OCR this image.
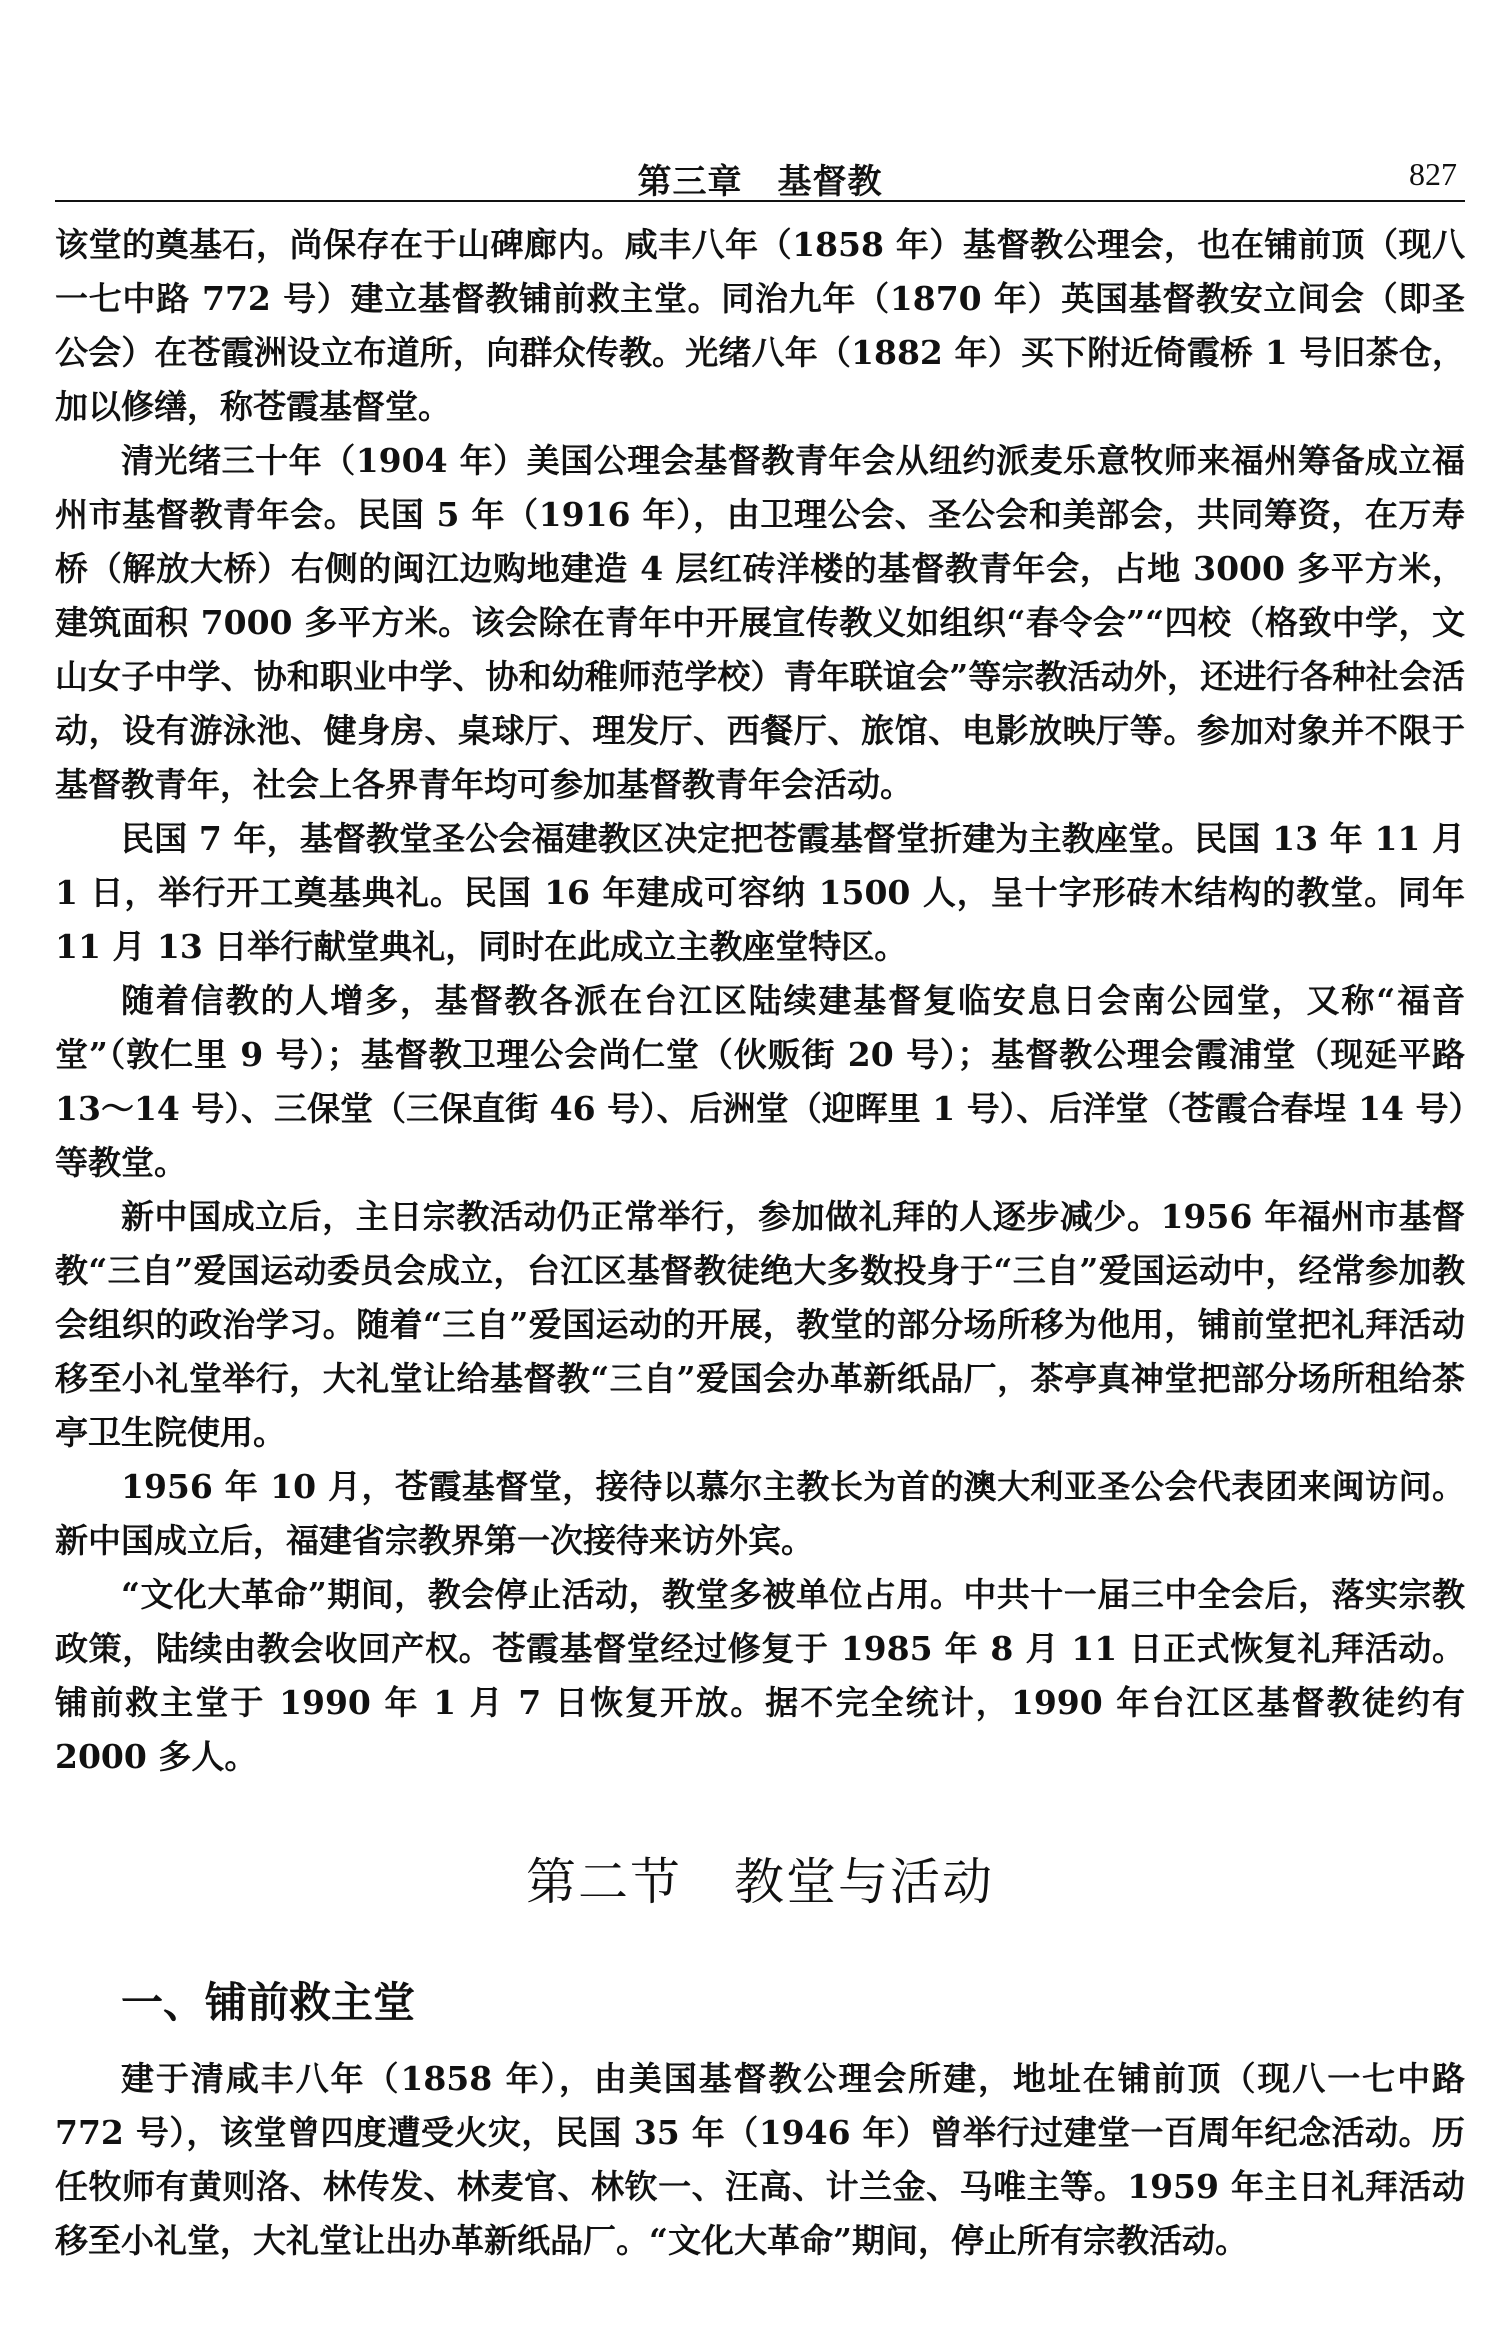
第三章　基督教	827

该堂的奠基石，尚保存在于山碑廊内。咸丰八年（1858 年）基督教公理会，也在铺前顶（现八一七中路 772 号）建立基督教铺前救主堂。同治九年（1870 年）英国基督教安立间会（即圣公会）在苍霞洲设立布道所，向群众传教。光绪八年（1882 年）买下附近倚霞桥 1 号旧茶仓，加以修缮，称苍霞基督堂。

清光绪三十年（1904 年）美国公理会基督教青年会从纽约派麦乐意牧师来福州筹备成立福州市基督教青年会。民国 5 年（1916 年），由卫理公会、圣公会和美部会，共同筹资，在万寿桥（解放大桥）右侧的闽江边购地建造 4 层红砖洋楼的基督教青年会，占地 3000 多平方米，建筑面积 7000 多平方米。该会除在青年中开展宣传教义如组织“春令会”“四校（格致中学，文山女子中学、协和职业中学、协和幼稚师范学校）青年联谊会”等宗教活动外，还进行各种社会活动，设有游泳池、健身房、桌球厅、理发厅、西餐厅、旅馆、电影放映厅等。参加对象并不限于基督教青年，社会上各界青年均可参加基督教青年会活动。

民国 7 年，基督教堂圣公会福建教区决定把苍霞基督堂折建为主教座堂。民国 13 年 11 月 1 日，举行开工奠基典礼。民国 16 年建成可容纳 1500 人，呈十字形砖木结构的教堂。同年 11 月 13 日举行献堂典礼，同时在此成立主教座堂特区。

随着信教的人增多，基督教各派在台江区陆续建基督复临安息日会南公园堂，又称“福音堂”（敦仁里 9 号）；基督教卫理公会尚仁堂（伙贩街 20 号）；基督教公理会霞浦堂（现延平路 13～14 号）、三保堂（三保直街 46 号）、后洲堂（迎晖里 1 号）、后洋堂（苍霞合春埕 14 号）等教堂。

新中国成立后，主日宗教活动仍正常举行，参加做礼拜的人逐步减少。1956 年福州市基督教“三自”爱国运动委员会成立，台江区基督教徒绝大多数投身于“三自”爱国运动中，经常参加教会组织的政治学习。随着“三自”爱国运动的开展，教堂的部分场所移为他用，铺前堂把礼拜活动移至小礼堂举行，大礼堂让给基督教“三自”爱国会办革新纸品厂，茶亭真神堂把部分场所租给茶亭卫生院使用。

1956 年 10 月，苍霞基督堂，接待以慕尔主教长为首的澳大利亚圣公会代表团来闽访问。新中国成立后，福建省宗教界第一次接待来访外宾。

“文化大革命”期间，教会停止活动，教堂多被单位占用。中共十一届三中全会后，落实宗教政策，陆续由教会收回产权。苍霞基督堂经过修复于 1985 年 8 月 11 日正式恢复礼拜活动。铺前救主堂于 1990 年 1 月 7 日恢复开放。据不完全统计，1990 年台江区基督教徒约有 2000 多人。

第二节　教堂与活动
一、铺前救主堂

建于清咸丰八年（1858 年），由美国基督教公理会所建，地址在铺前顶（现八一七中路 772 号），该堂曾四度遭受火灾，民国 35 年（1946 年）曾举行过建堂一百周年纪念活动。历任牧师有黄则洛、林传发、林麦官、林钦一、汪高、计兰金、马唯主等。1959 年主日礼拜活动移至小礼堂，大礼堂让出办革新纸品厂。“文化大革命”期间，停止所有宗教活动。
